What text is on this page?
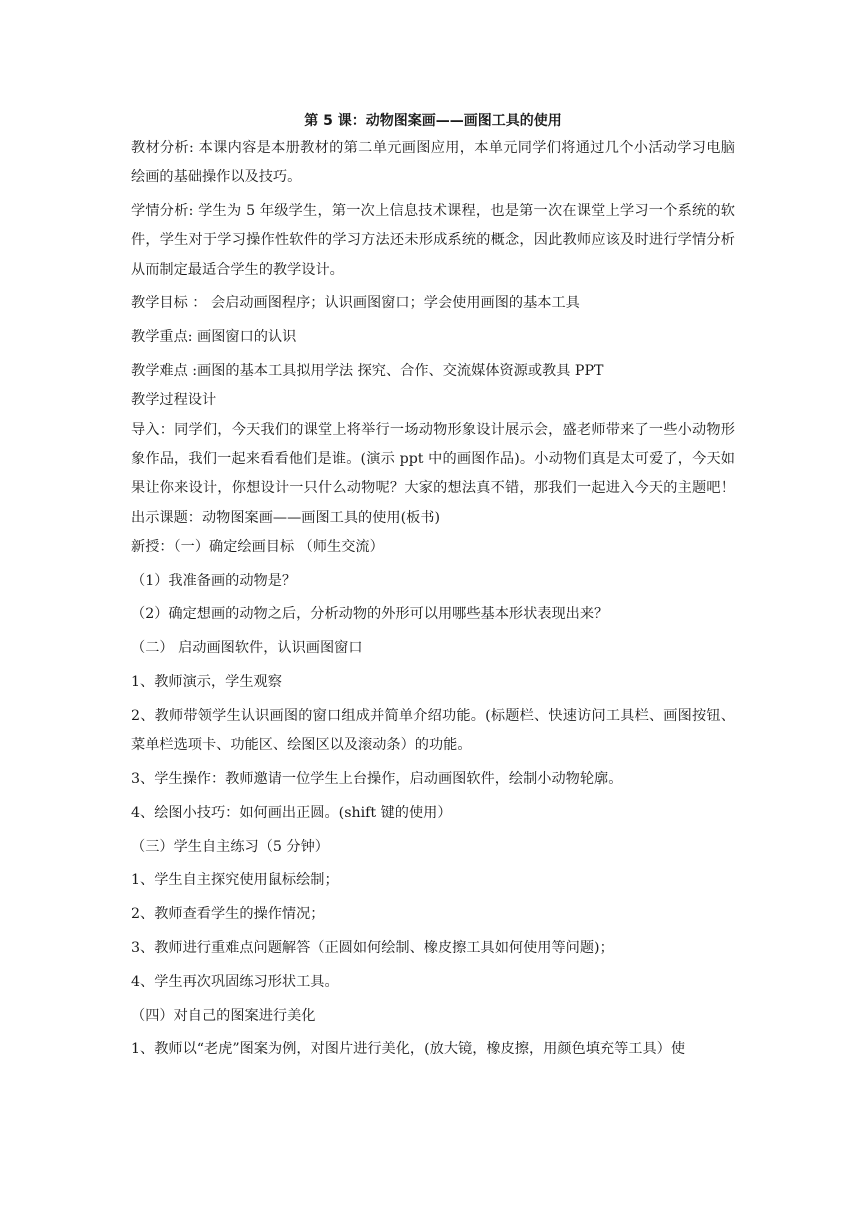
第 5 课：动物图案画——画图工具的使用

教材分析: 本课内容是本册教材的第二单元画图应用，本单元同学们将通过几个小活动学习电脑绘画的基础操作以及技巧。

学情分析: 学生为 5 年级学生，第一次上信息技术课程，也是第一次在课堂上学习一个系统的软件，学生对于学习操作性软件的学习方法还未形成系统的概念，因此教师应该及时进行学情分析从而制定最适合学生的教学设计。

教学目标 ： 会启动画图程序；认识画图窗口；学会使用画图的基本工具

教学重点: 画图窗口的认识

教学难点 :画图的基本工具拟用学法 探究、合作、交流媒体资源或教具 PPT

教学过程设计

导入：同学们，今天我们的课堂上将举行一场动物形象设计展示会，盛老师带来了一些小动物形象作品，我们一起来看看他们是谁。(演示 ppt 中的画图作品)。小动物们真是太可爱了，今天如果让你来设计，你想设计一只什么动物呢？大家的想法真不错，那我们一起进入今天的主题吧！出示课题：动物图案画——画图工具的使用(板书)

新授：（一）确定绘画目标 （师生交流）

（1）我准备画的动物是？

（2）确定想画的动物之后，分析动物的外形可以用哪些基本形状表现出来？

（二） 启动画图软件，认识画图窗口

1、教师演示，学生观察

2、教师带领学生认识画图的窗口组成并简单介绍功能。(标题栏、快速访问工具栏、画图按钮、菜单栏选项卡、功能区、绘图区以及滚动条）的功能。

3、学生操作：教师邀请一位学生上台操作，启动画图软件，绘制小动物轮廓。

4、绘图小技巧：如何画出正圆。(shift 键的使用）

（三）学生自主练习（5 分钟）

1、学生自主探究使用鼠标绘制；

2、教师查看学生的操作情况；

3、教师进行重难点问题解答（正圆如何绘制、橡皮擦工具如何使用等问题)；

4、学生再次巩固练习形状工具。

（四）对自己的图案进行美化

1、教师以“老虎”图案为例，对图片进行美化，(放大镜，橡皮擦，用颜色填充等工具）使
